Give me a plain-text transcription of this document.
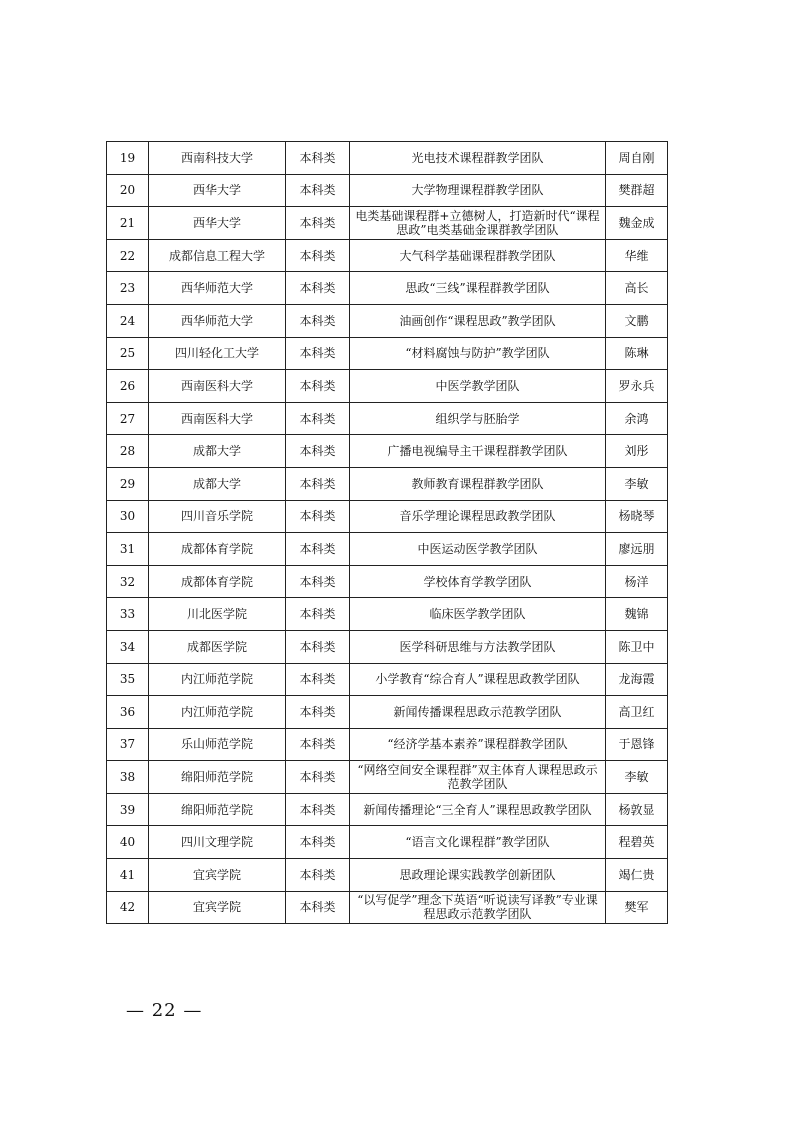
19	西南科技大学	本科类	光电技术课程群教学团队	周自刚
20	西华大学	本科类	大学物理课程群教学团队	樊群超
21	西华大学	本科类	电类基础课程群+立德树人，打造新时代“课程思政”电类基础金课群教学团队	魏金成
22	成都信息工程大学	本科类	大气科学基础课程群教学团队	华维
23	西华师范大学	本科类	思政“三线”课程群教学团队	高长
24	西华师范大学	本科类	油画创作“课程思政”教学团队	文鹏
25	四川轻化工大学	本科类	“材料腐蚀与防护”教学团队	陈琳
26	西南医科大学	本科类	中医学教学团队	罗永兵
27	西南医科大学	本科类	组织学与胚胎学	余鸿
28	成都大学	本科类	广播电视编导主干课程群教学团队	刘彤
29	成都大学	本科类	教师教育课程群教学团队	李敏
30	四川音乐学院	本科类	音乐学理论课程思政教学团队	杨晓琴
31	成都体育学院	本科类	中医运动医学教学团队	廖远朋
32	成都体育学院	本科类	学校体育学教学团队	杨洋
33	川北医学院	本科类	临床医学教学团队	魏锦
34	成都医学院	本科类	医学科研思维与方法教学团队	陈卫中
35	内江师范学院	本科类	小学教育“综合育人”课程思政教学团队	龙海霞
36	内江师范学院	本科类	新闻传播课程思政示范教学团队	高卫红
37	乐山师范学院	本科类	“经济学基本素养”课程群教学团队	于恩锋
38	绵阳师范学院	本科类	“网络空间安全课程群”双主体育人课程思政示范教学团队	李敏
39	绵阳师范学院	本科类	新闻传播理论“三全育人”课程思政教学团队	杨敦显
40	四川文理学院	本科类	“语言文化课程群”教学团队	程碧英
41	宜宾学院	本科类	思政理论课实践教学创新团队	竭仁贵
42	宜宾学院	本科类	“以写促学”理念下英语“听说读写译教”专业课程思政示范教学团队	樊军
— 22 —
